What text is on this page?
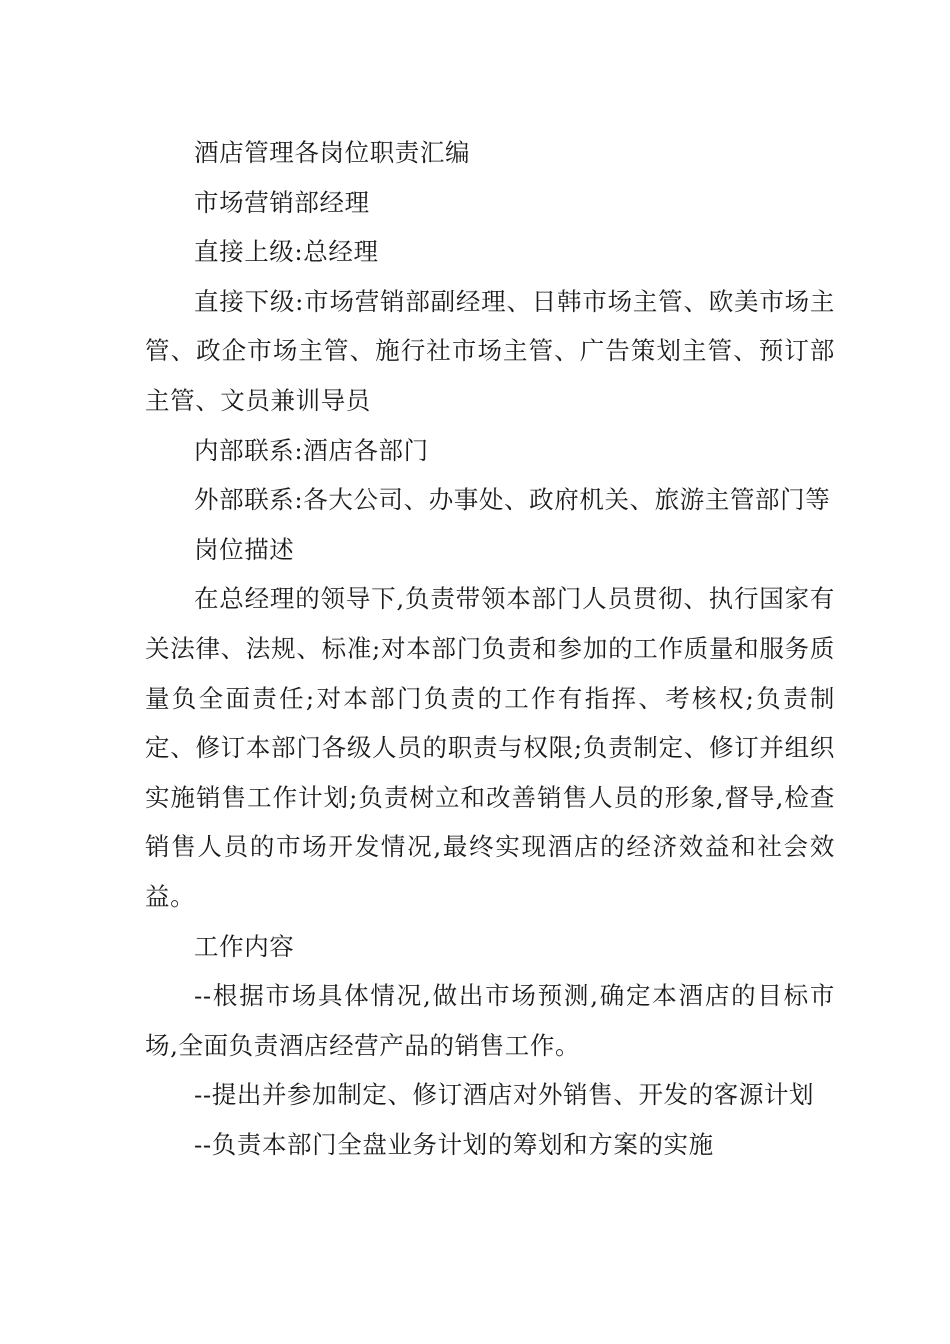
酒店管理各岗位职责汇编

市场营销部经理

直接上级:总经理

直接下级:市场营销部副经理、日韩市场主管、欧美市场主管、政企市场主管、施行社市场主管、广告策划主管、预订部主管、文员兼训导员

内部联系:酒店各部门

外部联系:各大公司、办事处、政府机关、旅游主管部门等

岗位描述

在总经理的领导下,负责带领本部门人员贯彻、执行国家有关法律、法规、标准;对本部门负责和参加的工作质量和服务质量负全面责任;对本部门负责的工作有指挥、考核权;负责制定、修订本部门各级人员的职责与权限;负责制定、修订并组织实施销售工作计划;负责树立和改善销售人员的形象,督导,检查销售人员的市场开发情况,最终实现酒店的经济效益和社会效益。

工作内容

--根据市场具体情况,做出市场预测,确定本酒店的目标市场,全面负责酒店经营产品的销售工作。

--提出并参加制定、修订酒店对外销售、开发的客源计划

--负责本部门全盘业务计划的筹划和方案的实施
